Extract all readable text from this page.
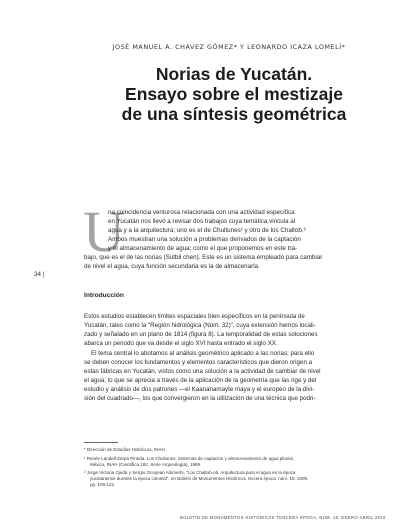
JOSÉ MANUEL A. CHÁVEZ GÓMEZ* Y LEONARDO ICAZA LOMELÍ*
Norias de Yucatán.
Ensayo sobre el mestizaje
de una síntesis geométrica
U
na coincidencia venturosa relacionada con una actividad específica
en Yucatán nos llevó a revisar dos trabajos cuya temática vincula al
agua y a la arquitectura; uno es el de Chultunes¹ y otro de los Chaltob.²
Ambos muestran una solución a problemas derivados de la captación
y el almacenamiento de agua; como el que proponemos en este tra-
bajo, que es el de las norias (Sutbil chen). Este es un sistema empleado para cambiar
de nivel el agua, cuya función secundaria es la de almacenarla.
34 |
Introducción
Estos estudios establecen límites espaciales bien específicos en la península de
Yucatán, tales como la "Región hidrológica (Núm. 32)", cuya extensión hemos locali-
zado y señalado en un plano de 1814 (figura 8). La temporalidad de estas soluciones
abarca un periodo que va desde el siglo XVI hasta entrado el siglo XX.
El tema central lo abotamos al análisis geométrico aplicado a las norias; para ello
se deben conocer los fundamentos y elementos característicos que dieron origen a
estas fábricas en Yucatán, vistos como una solución a la actividad de cambiar de nivel
el agua; lo que se aprecia a través de la aplicación de la geometría que las rige y del
estudio y análisis de dos patrones —el Kaananamayte maya y el europeo de la divi-
sión del cuadrado—, los que convergieron en la utilización de una técnica que podri-
* Dirección de Estudios Históricos, INAH.
¹ Renée Landell-Zerpa Pineda. Los Chultunes. Sistemas de captación y almacenamiento de agua pluvial,
México, INAH (Científica 182, Serie Arqueología), 1989.
² Jorge Victoria Ojeda y Sergio Grosjean Abimerhi, "Los Chaltob-ob. Arquitectura para el agua en la época
yucatanense durante la época colonial", en Boletín de Monumentos Históricos, tercera época, núm. 18, 2009,
pp. 109-122.
BOLETÍN DE MONUMENTOS HISTÓRICOS TERCERA ÉPOCA, NÚM. 18, ENERO-ABRIL 2010
